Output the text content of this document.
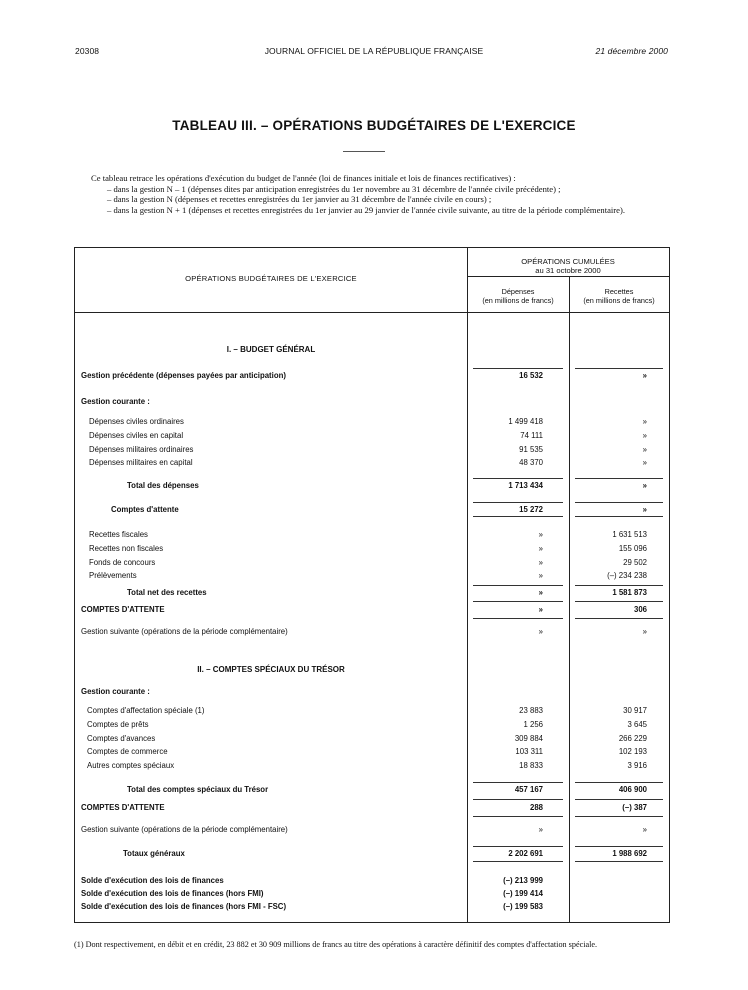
20308	JOURNAL OFFICIEL DE LA RÉPUBLIQUE FRANÇAISE	21 décembre 2000
TABLEAU III. – OPÉRATIONS BUDGÉTAIRES DE L'EXERCICE
Ce tableau retrace les opérations d'exécution du budget de l'année (loi de finances initiale et lois de finances rectificatives) :
– dans la gestion N – 1 (dépenses dites par anticipation enregistrées du 1er novembre au 31 décembre de l'année civile précédente) ;
– dans la gestion N (dépenses et recettes enregistrées du 1er janvier au 31 décembre de l'année civile en cours) ;
– dans la gestion N + 1 (dépenses et recettes enregistrées du 1er janvier au 29 janvier de l'année civile suivante, au titre de la période complémentaire).
OPÉRATIONS BUDGÉTAIRES DE L'EXERCICE
OPÉRATIONS CUMULÉES
au 31 octobre 2000
Dépenses
(en millions de francs)
Recettes
(en millions de francs)
I. – BUDGET GÉNÉRAL
II. – COMPTES SPÉCIAUX DU TRÉSOR
Gestion précédente (dépenses payées par anticipation)	16 532	»
Gestion courante :
Dépenses civiles ordinaires	1 499 418	»
Dépenses civiles en capital	74 111	»
Dépenses militaires ordinaires	91 535	»
Dépenses militaires en capital	48 370	»
Total des dépenses	1 713 434	»
Comptes d'attente	15 272	»
Recettes fiscales	»	1 631 513
Recettes non fiscales	»	155 096
Fonds de concours	»	29 502
Prélèvements	»	(–) 234 238
Total net des recettes	»	1 581 873
COMPTES D'ATTENTE	»	306
Gestion suivante (opérations de la période complémentaire)	»	»
Gestion courante :
Comptes d'affectation spéciale (1)	23 883	30 917
Comptes de prêts	1 256	3 645
Comptes d'avances	309 884	266 229
Comptes de commerce	103 311	102 193
Autres comptes spéciaux	18 833	3 916
Total des comptes spéciaux du Trésor	457 167	406 900
COMPTES D'ATTENTE	288	(–) 387
Gestion suivante (opérations de la période complémentaire)	»	»
Totaux généraux	2 202 691	1 988 692
Solde d'exécution des lois de finances	(–) 213 999
Solde d'exécution des lois de finances (hors FMI)	(–) 199 414
Solde d'exécution des lois de finances (hors FMI - FSC)	(–) 199 583
(1) Dont respectivement, en débit et en crédit, 23 882 et 30 909 millions de francs au titre des opérations à caractère définitif des comptes d'affectation spéciale.
